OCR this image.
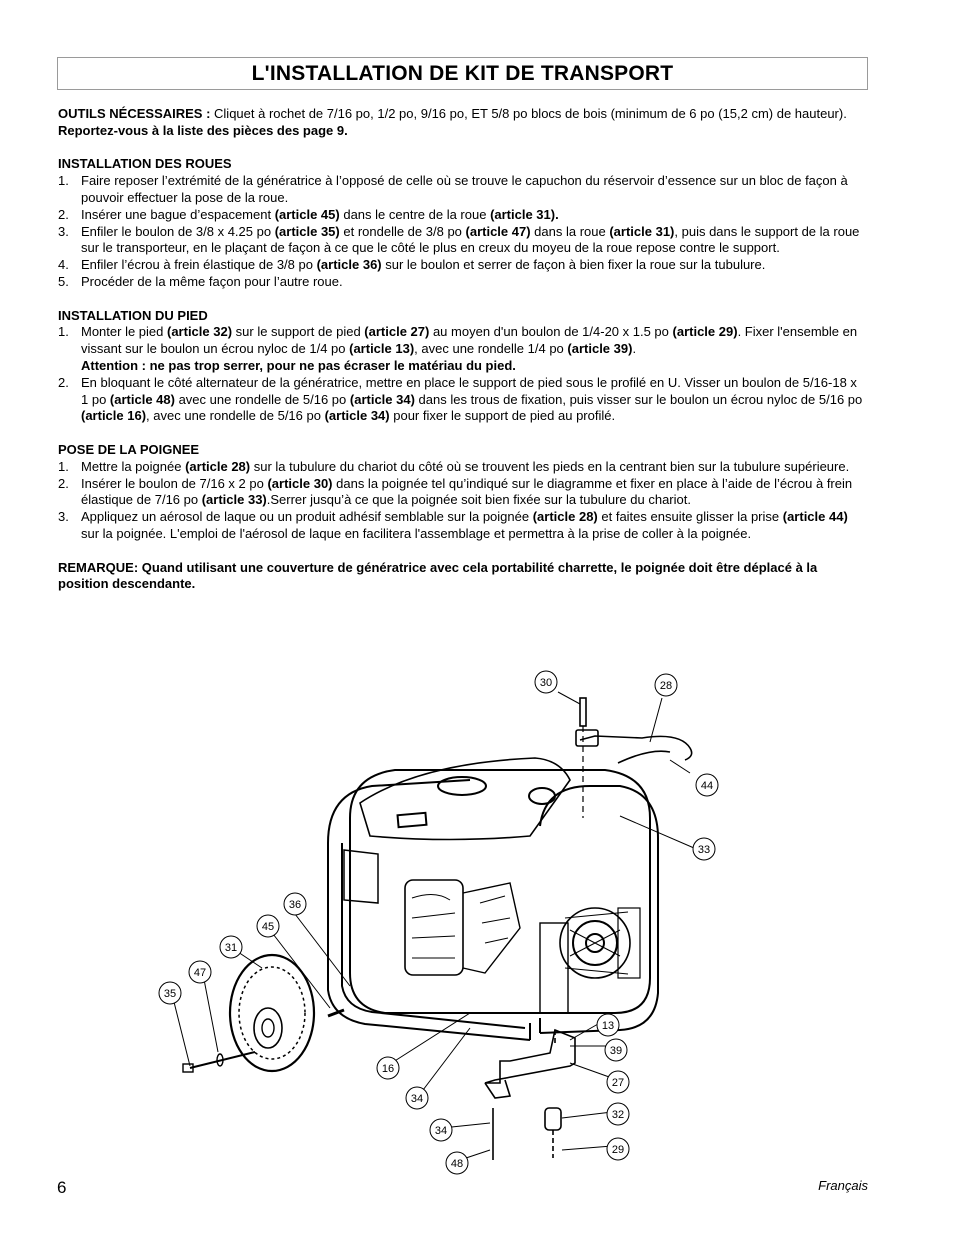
L'INSTALLATION DE KIT DE TRANSPORT

OUTILS NÉCESSAIRES : Cliquet à rochet de 7/16 po, 1/2 po, 9/16 po, ET 5/8 po blocs de bois (minimum de 6 po (15,2 cm) de hauteur).

Reportez-vous à la liste des pièces des page 9.

INSTALLATION DES ROUES

1. Faire reposer l’extrémité de la génératrice à l’opposé de celle où se trouve le capuchon du réservoir d’essence sur un bloc de façon à pouvoir effectuer la pose de la roue.
2. Insérer une bague d’espacement (article 45) dans le centre de la roue (article 31).
3. Enfiler le boulon de 3/8 x 4.25 po (article 35) et rondelle de 3/8 po (article 47) dans la roue (article 31), puis dans le support de la roue sur le transporteur, en le plaçant de façon à ce que le côté le plus en creux du moyeu de la roue repose contre le support.
4. Enfiler l’écrou à frein élastique de 3/8 po (article 36) sur le boulon et serrer de façon à bien fixer la roue sur la tubulure.
5. Procéder de la même façon pour l’autre roue.

INSTALLATION DU PIED

1. Monter le pied (article 32) sur le support de pied (article 27) au moyen d'un boulon de 1/4-20 x 1.5 po (article 29). Fixer l'ensemble en vissant sur le boulon un écrou nyloc de 1/4 po (article 13), avec une rondelle 1/4 po (article 39).
Attention : ne pas trop serrer, pour ne pas écraser le matériau du pied.
2. En bloquant le côté alternateur de la génératrice, mettre en place le support de pied sous le profilé en U. Visser un boulon de 5/16-18 x 1 po (article 48) avec une rondelle de 5/16 po (article 34) dans les trous de fixation, puis visser sur le boulon un écrou nyloc de 5/16 po (article 16), avec une rondelle de 5/16 po (article 34) pour fixer le support de pied au profilé.

POSE DE LA POIGNEE

1. Mettre la poignée (article 28) sur la tubulure du chariot du côté où se trouvent les pieds en la centrant bien sur la tubulure supérieure.
2. Insérer le boulon de 7/16 x 2 po (article 30) dans la poignée tel qu’indiqué sur le diagramme et fixer en place à l’aide de l’écrou à frein élastique de 7/16 po (article 33).Serrer jusqu’à ce que la poignée soit bien fixée sur la tubulure du chariot.
3. Appliquez un aérosol de laque ou un produit adhésif semblable sur la poignée (article 28) et faites ensuite glisser la prise (article 44) sur la poignée. L'emploi de l'aérosol de laque en facilitera l'assemblage et permettra à la prise de coller à la poignée.

REMARQUE: Quand utilisant une couverture de génératrice avec cela portabilité charrette, le poignée doit être déplacé à la position descendante.

30	28
44
33
36
45
31
47
35
13
39
27
32
29
16
34
34
48
6	Français
